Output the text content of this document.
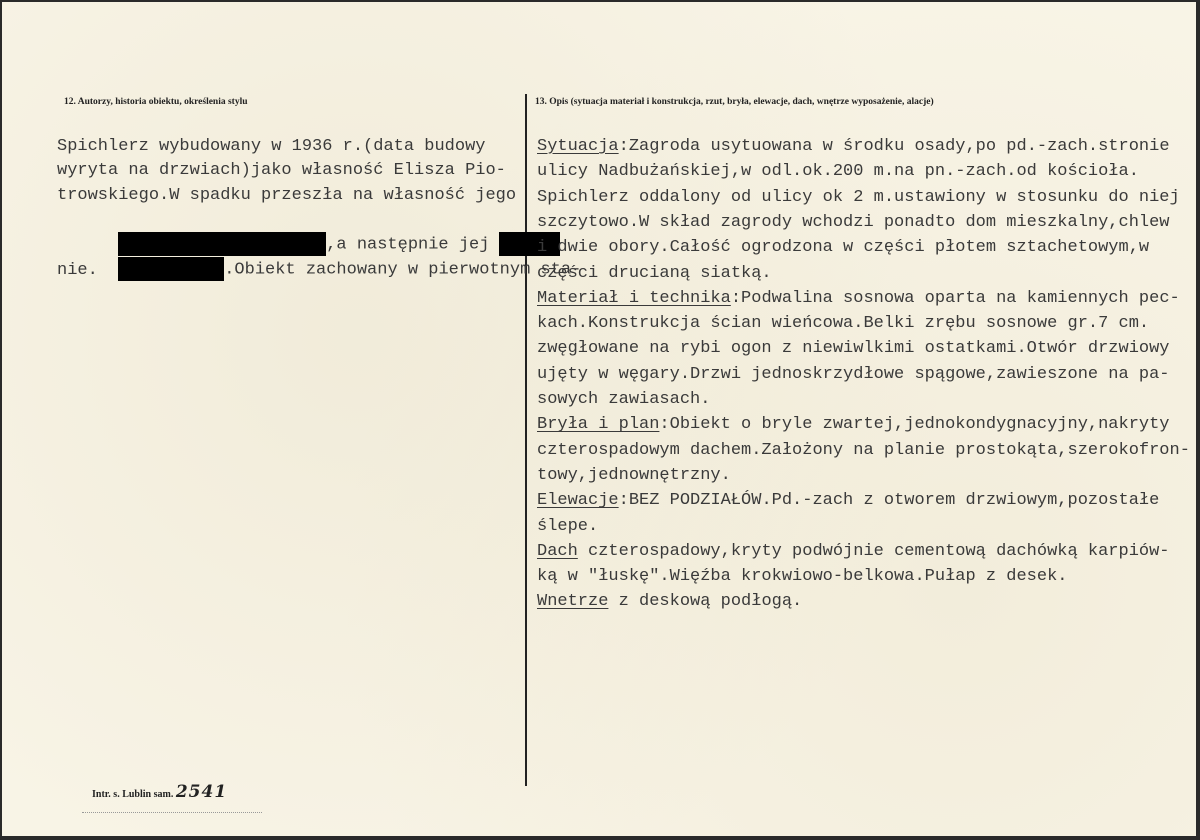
12. Autorzy, historia obiektu, określenia stylu	13. Opis (sytuacja materiał i konstrukcja, rzut, bryła, elewacje, dach, wnętrze wyposażenie, alacje)
Spichlerz wybudowany w 1936 r.(data budowy
wyryta na drzwiach)jako własność Elisza Pio-
trowskiego.W spadku przeszła na własność jego

,a następnie jej

.Obiekt zachowany w pierwotnym sta-

nie.
Sytuacja:Zagroda usytuowana w środku osady,po pd.-zach.stronie
ulicy Nadbużańskiej,w odl.ok.200 m.na pn.-zach.od kościoła.
Spichlerz oddalony od ulicy ok 2 m.ustawiony w stosunku do niej
szczytowo.W skład zagrody wchodzi ponadto dom mieszkalny,chlew
i dwie obory.Całość ogrodzona w części płotem sztachetowym,w
części drucianą siatką.
Materiał i technika:Podwalina sosnowa oparta na kamiennych pec-
kach.Konstrukcja ścian wieńcowa.Belki zrębu sosnowe gr.7 cm.
zwęgłowane na rybi ogon z niewiwlkimi ostatkami.Otwór drzwiowy
ujęty w węgary.Drzwi jednoskrzydłowe spągowe,zawieszone na pa-
sowych zawiasach.
Bryła i plan:Obiekt o bryle zwartej,jednokondygnacyjny,nakryty
czterospadowym dachem.Założony na planie prostokąta,szerokofron-
towy,jednownętrzny.
Elewacje:BEZ PODZIAŁÓW.Pd.-zach z otworem drzwiowym,pozostałe
ślepe.
Dach czterospadowy,kryty podwójnie cementową dachówką karpiów-
ką w "łuskę".Więźba krokwiowo-belkowa.Pułap z desek.
Wnetrze z deskową podłogą.
Intr. s. Lublin sam. 2541
